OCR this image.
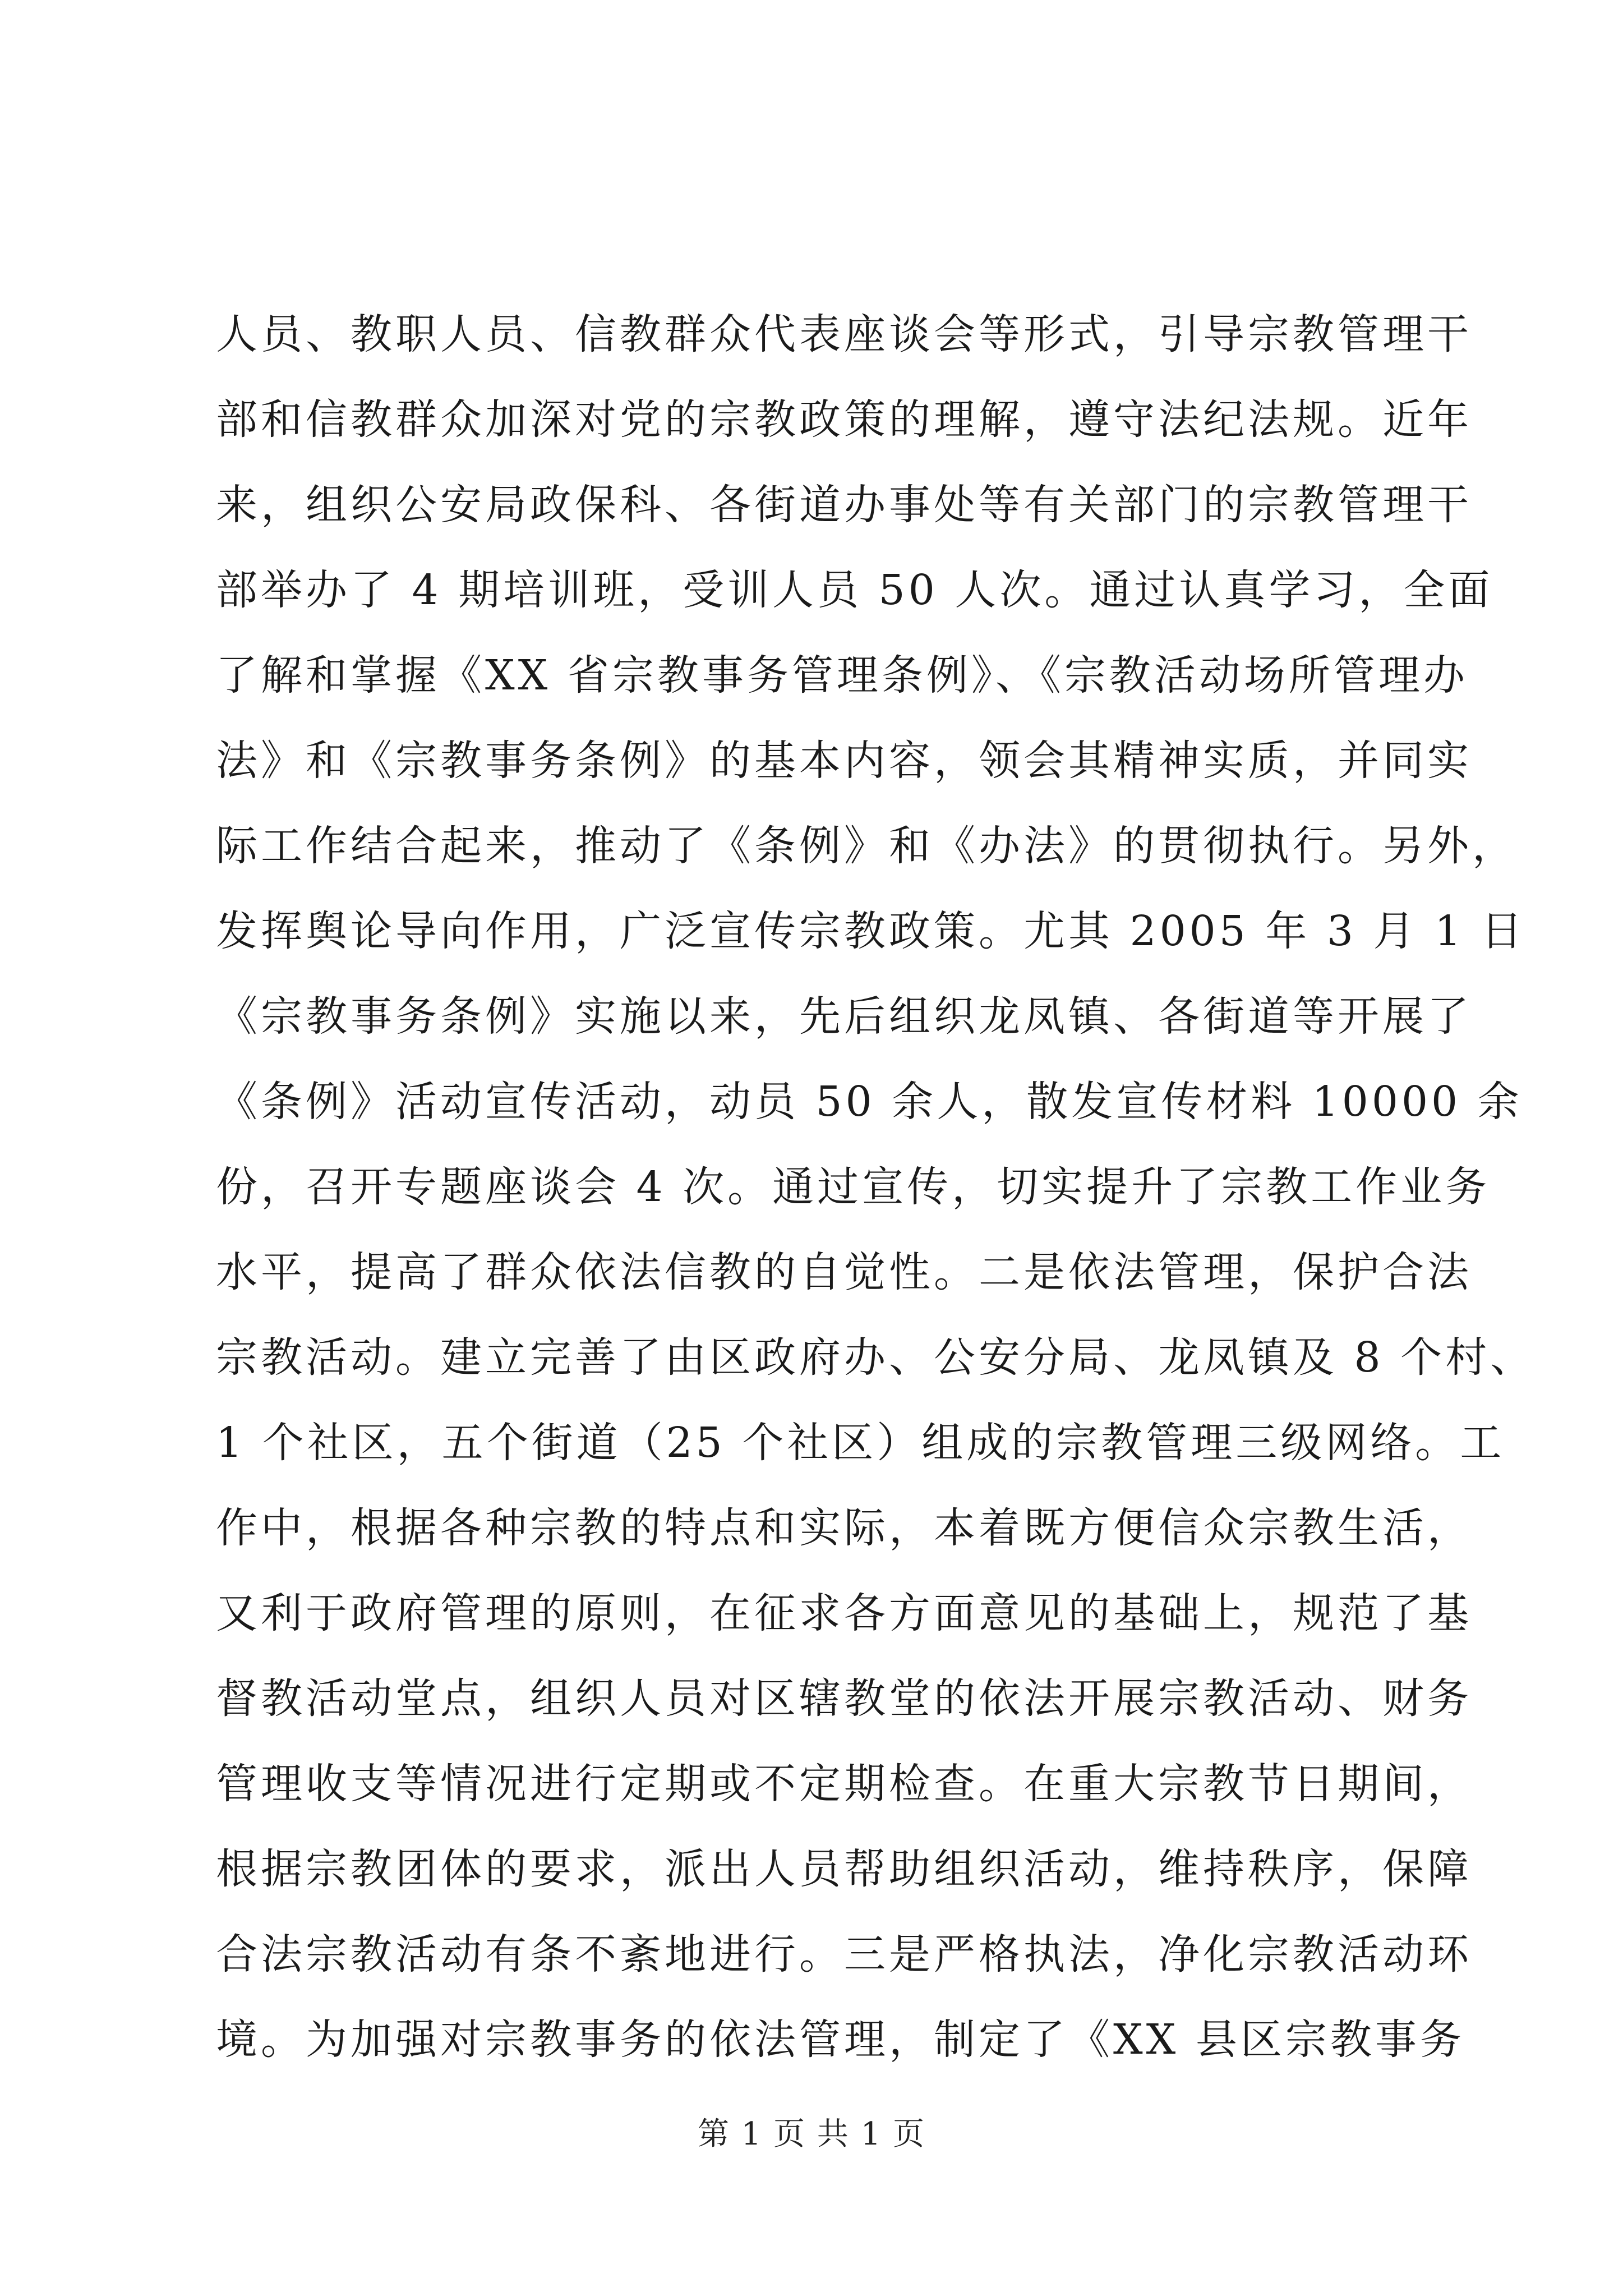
人员、教职人员、信教群众代表座谈会等形式，引导宗教管理干
部和信教群众加深对党的宗教政策的理解，遵守法纪法规。近年
来，组织公安局政保科、各街道办事处等有关部门的宗教管理干
部举办了 4 期培训班，受训人员 50 人次。通过认真学习，全面
了解和掌握《XX 省宗教事务管理条例》、《宗教活动场所管理办
法》和《宗教事务条例》的基本内容，领会其精神实质，并同实
际工作结合起来，推动了《条例》和《办法》的贯彻执行。另外，
发挥舆论导向作用，广泛宣传宗教政策。尤其 2005 年 3 月 1 日
《宗教事务条例》实施以来，先后组织龙凤镇、各街道等开展了
《条例》活动宣传活动，动员 50 余人，散发宣传材料 10000 余
份，召开专题座谈会 4 次。通过宣传，切实提升了宗教工作业务
水平，提高了群众依法信教的自觉性。二是依法管理，保护合法
宗教活动。建立完善了由区政府办、公安分局、龙凤镇及 8 个村、
1 个社区，五个街道（25 个社区）组成的宗教管理三级网络。工
作中，根据各种宗教的特点和实际，本着既方便信众宗教生活，
又利于政府管理的原则，在征求各方面意见的基础上，规范了基
督教活动堂点，组织人员对区辖教堂的依法开展宗教活动、财务
管理收支等情况进行定期或不定期检查。在重大宗教节日期间，
根据宗教团体的要求，派出人员帮助组织活动，维持秩序，保障
合法宗教活动有条不紊地进行。三是严格执法，净化宗教活动环
境。为加强对宗教事务的依法管理，制定了《XX 县区宗教事务
第 1 页 共 1 页
